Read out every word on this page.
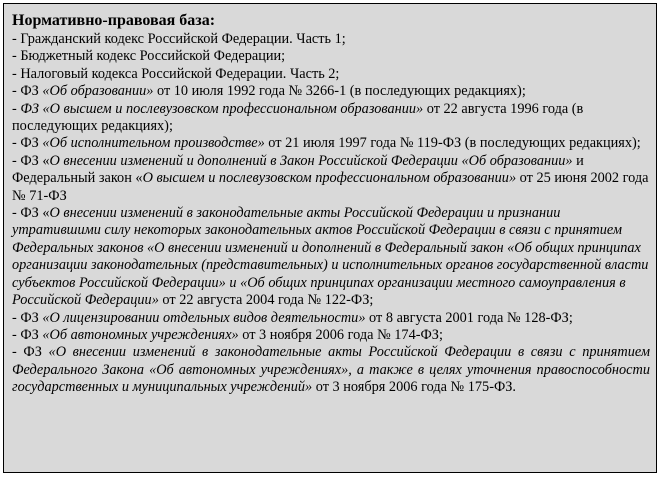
Нормативно-правовая база:
- Гражданский кодекс Российской Федерации. Часть 1;
- Бюджетный кодекс Российской Федерации;
- Налоговый кодекса Российской Федерации. Часть 2;
- ФЗ «Об образовании» от 10 июля 1992 года № 3266-1 (в последующих редакциях);
- ФЗ «О высшем и послевузовском профессиональном образовании» от 22 августа 1996 года (в последующих редакциях);
- ФЗ «Об исполнительном производстве» от 21 июля 1997 года № 119-ФЗ (в последующих редакциях);
- ФЗ «О внесении изменений и дополнений в Закон Российской Федерации «Об образовании» и Федеральный закон «О высшем и послевузовском профессиональном образовании» от 25 июня 2002 года № 71-ФЗ
- ФЗ «О внесении изменений в законодательные акты Российской Федерации и признании утратившими силу некоторых законодательных актов Российской Федерации в связи с принятием Федеральных законов «О внесении изменений и дополнений в Федеральный закон «Об общих принципах организации законодательных (представительных) и исполнительных органов государственной власти субъектов Российской Федерации» и «Об общих принципах организации местного самоуправления в Российской Федерации» от 22 августа 2004 года № 122-ФЗ;
- ФЗ «О лицензировании отдельных видов деятельности» от 8 августа 2001 года № 128-ФЗ;
- ФЗ «Об автономных учреждениях» от 3 ноября 2006 года № 174-ФЗ;
- ФЗ «О внесении изменений в законодательные акты Российской Федерации в связи с принятием Федерального Закона «Об автономных учреждениях», а также в целях уточнения правоспособности государственных и муниципальных учреждений» от 3 ноября 2006 года № 175-ФЗ.
